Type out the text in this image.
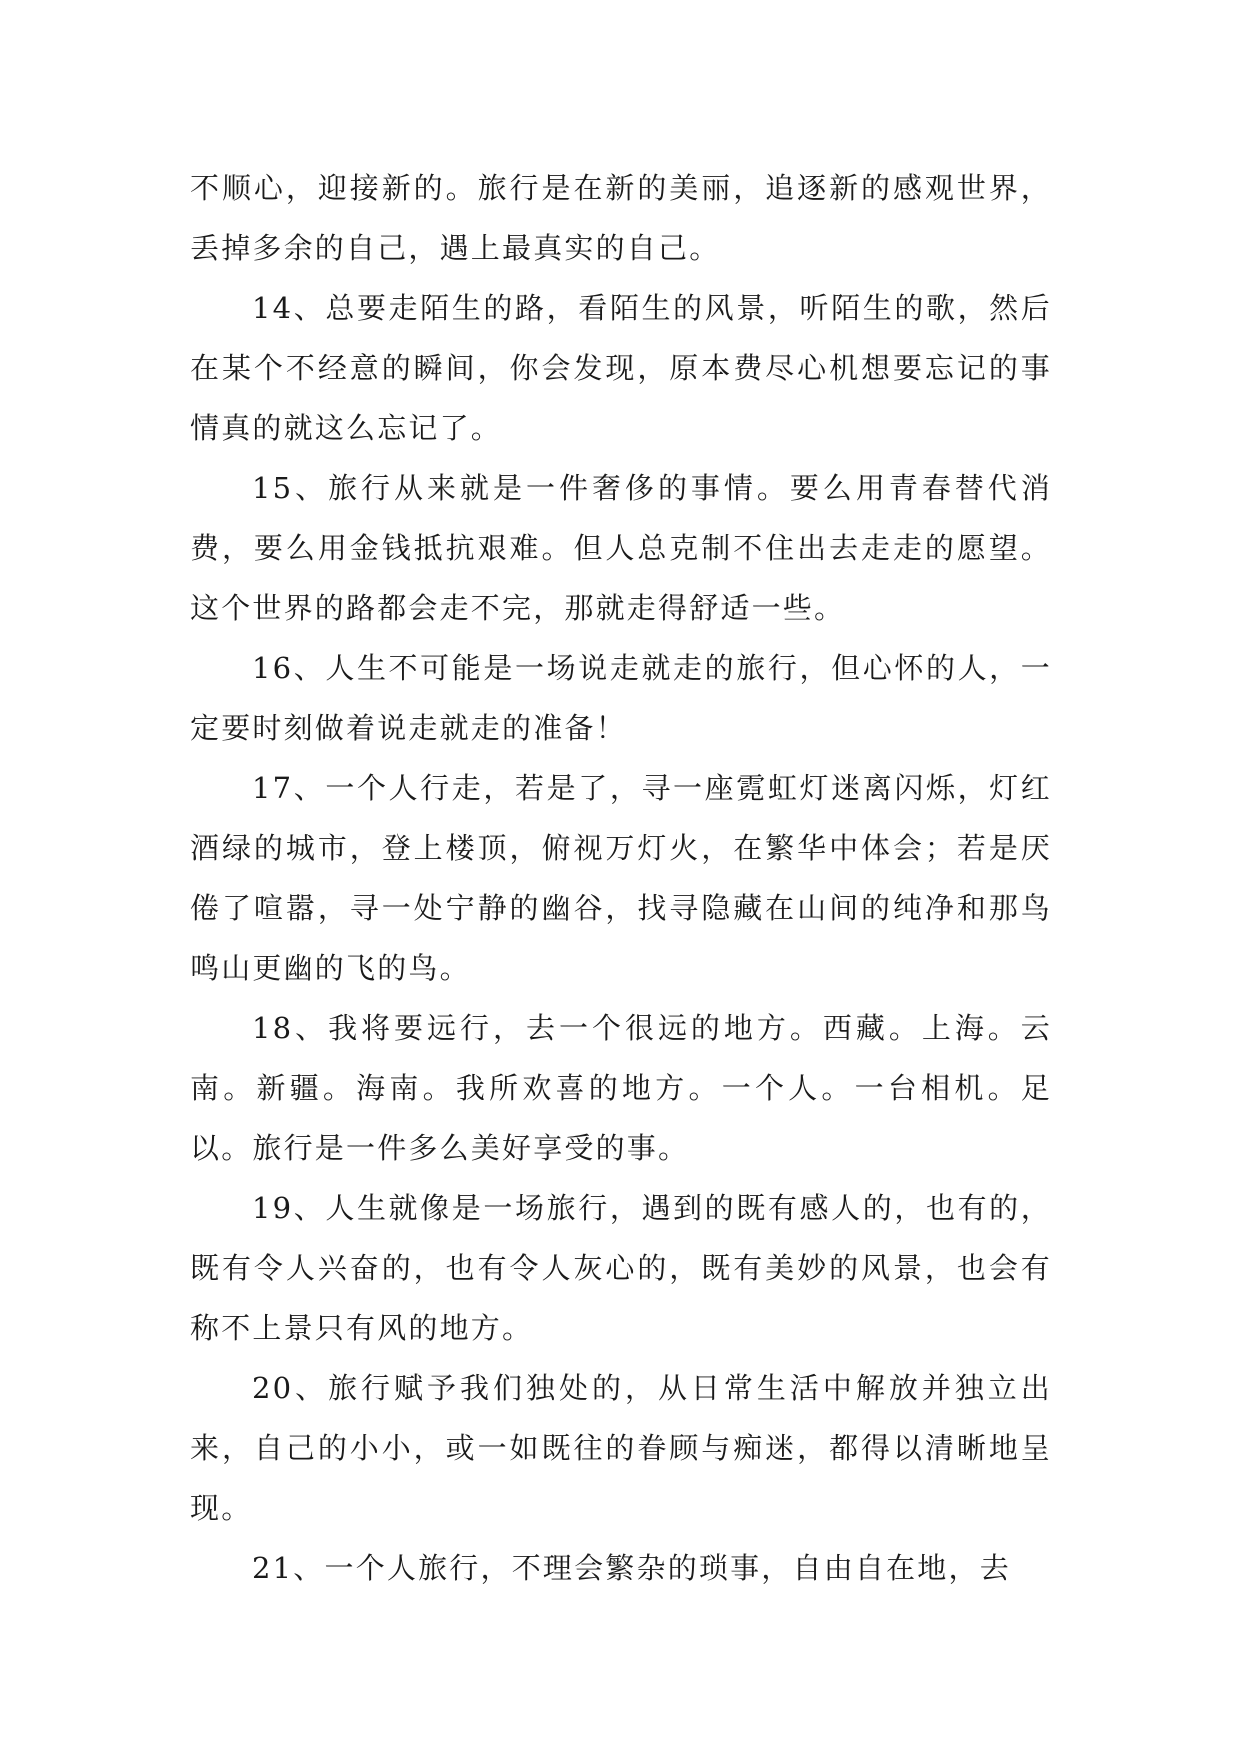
不顺心，迎接新的。旅行是在新的美丽，追逐新的感观世界，丢掉多余的自己，遇上最真实的自己。

14、总要走陌生的路，看陌生的风景，听陌生的歌，然后在某个不经意的瞬间，你会发现，原本费尽心机想要忘记的事情真的就这么忘记了。

15、旅行从来就是一件奢侈的事情。要么用青春替代消费，要么用金钱抵抗艰难。但人总克制不住出去走走的愿望。这个世界的路都会走不完，那就走得舒适一些。

16、人生不可能是一场说走就走的旅行，但心怀的人，一定要时刻做着说走就走的准备！

17、一个人行走，若是了，寻一座霓虹灯迷离闪烁，灯红酒绿的城市，登上楼顶，俯视万灯火，在繁华中体会；若是厌倦了喧嚣，寻一处宁静的幽谷，找寻隐藏在山间的纯净和那鸟鸣山更幽的飞的鸟。

18、我将要远行，去一个很远的地方。西藏。上海。云南。新疆。海南。我所欢喜的地方。一个人。一台相机。足以。旅行是一件多么美好享受的事。

19、人生就像是一场旅行，遇到的既有感人的，也有的，既有令人兴奋的，也有令人灰心的，既有美妙的风景，也会有称不上景只有风的地方。

20、旅行赋予我们独处的，从日常生活中解放并独立出来，自己的小小，或一如既往的眷顾与痴迷，都得以清晰地呈现。

21、一个人旅行，不理会繁杂的琐事，自由自在地，去
